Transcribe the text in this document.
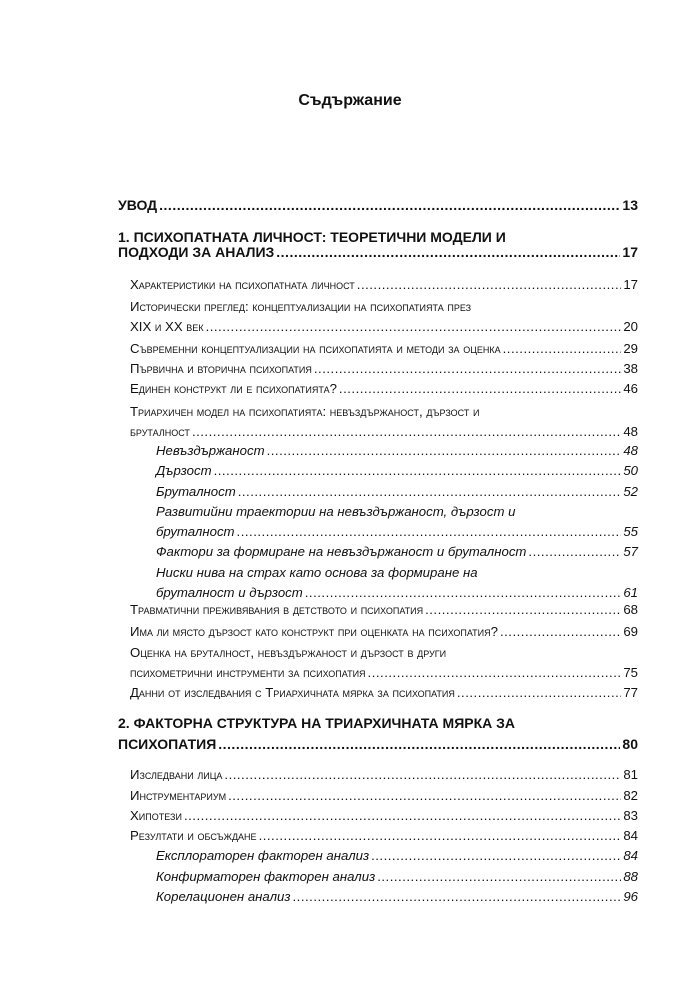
Съдържание
УВОД .....	13
1. ПСИХОПАТНАТА ЛИЧНОСТ: ТЕОРЕТИЧНИ МОДЕЛИ И
ПОДХОДИ ЗА АНАЛИЗ .....	17
Характеристики на психопатната личност .....	17
Исторически преглед: концептуализации на психопатията през
XIX и XX век .....	20
Съвременни концептуализации на психопатията и методи за оценка .....	29
Първична и вторична психопатия .....	38
Единен конструкт ли е психопатията? .....	46
Триархичен модел на психопатията: невъздържаност, дързост и
бруталност .....	48
Невъздържаност .....	48
Дързост .....	50
Бруталност .....	52
Развитийни траектории на невъздържаност, дързост и
бруталност .....	55
Фактори за формиране на невъздържаност и бруталност .....	57
Ниски нива на страх като основа за формиране на
бруталност и дързост .....	61
Травматични преживявания в детството и психопатия .....	68
Има ли място дързост като конструкт при оценката на психопатия? .....	69
Оценка на бруталност, невъздържаност и дързост в други
психометрични инструменти за психопатия .....	75
Данни от изследвания с Триархичната мярка за психопатия .....	77
2. ФАКТОРНА СТРУКТУРА НА ТРИАРХИЧНАТА МЯРКА ЗА
ПСИХОПАТИЯ .....	80
Изследвани лица .....	81
Инструментариум .....	82
Хипотези .....	83
Резултати и обсъждане .....	84
Експлораторен факторен анализ .....	84
Конфирматорен факторен анализ .....	88
Корелационен анализ .....	96
